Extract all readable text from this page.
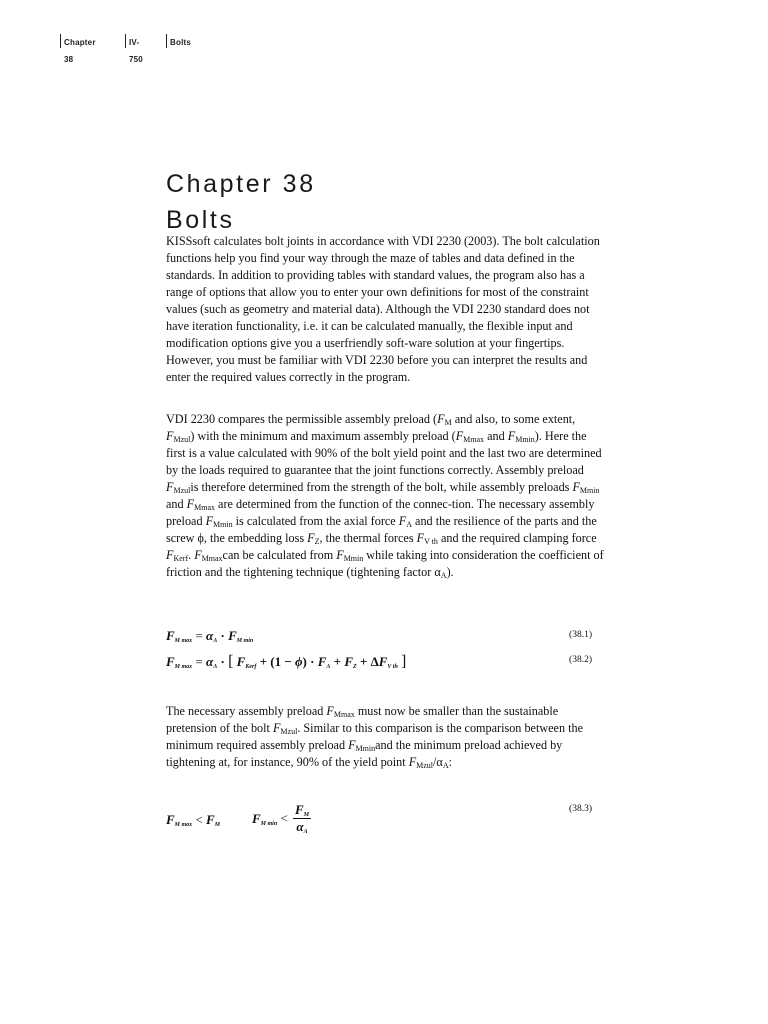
Chapter 38
IV-750
Bolts
Chapter 38
Bolts

KISSsoft calculates bolt joints in accordance with VDI 2230 (2003). The bolt calculation functions help you find your way through the maze of tables and data defined in the standards. In addition to providing tables with standard values, the program also has a range of options that allow you to enter your own definitions for most of the constraint values (such as geometry and material data). Although the VDI 2230 standard does not have iteration functionality, i.e. it can be calculated manually, the flexible input and modification options give you a userfriendly soft-ware solution at your fingertips. However, you must be familiar with VDI 2230 before you can interpret the results and enter the required values correctly in the program.

VDI 2230 compares the permissible assembly preload ($F_M$ and also, to some extent, $F_{Mzul}$) with the minimum and maximum assembly preload ($F_{Mmax}$ and $F_{Mmin}$). Here the first is a value calculated with 90% of the bolt yield point and the last two are determined by the loads required to guarantee that the joint functions correctly. Assembly preload $F_{Mzul}is$ therefore determined from the strength of the bolt, while assembly preloads $F_{Mmin}$ and $F_{Mmax}$ are determined from the function of the connec-tion. The necessary assembly preload $F_{Mmin}$ is calculated from the axial force $F_A$ and the resilience of the parts and the screw ϕ, the embedding loss $F_Z$, the thermal forces $F_{V th}$ and the required clamping force $F_{Kerf}$. $F_{Mmax}can$ be calculated from $F_{Mmin}$ while taking into consideration the coefficient of friction and the tightening technique (tightening factor $\alpha_A$).

$F_{M max} = \alpha_A \cdot F_{M min}$
(38.1)
$F_{M max} = \alpha_A$ · [ $F_{Kerf} + (1 - \phi) \cdot F_A + F_Z + \Delta F_{V th}$ ]	(38.2)

The necessary assembly preload $F_{Mmax}$ must now be smaller than the sustainable pretension of the bolt $F_{Mzul}$. Similar to this comparison is the comparison between the minimum required assembly preload $F_{Mmin}and$ the minimum preload achieved by tightening at, for instance, 90% of the yield point $F_{Mzul}/\alpha_A$:

$F_{M max} < F_M$ $F_{M min} < \frac{F_M}{\alpha_A}$	(38.3)
